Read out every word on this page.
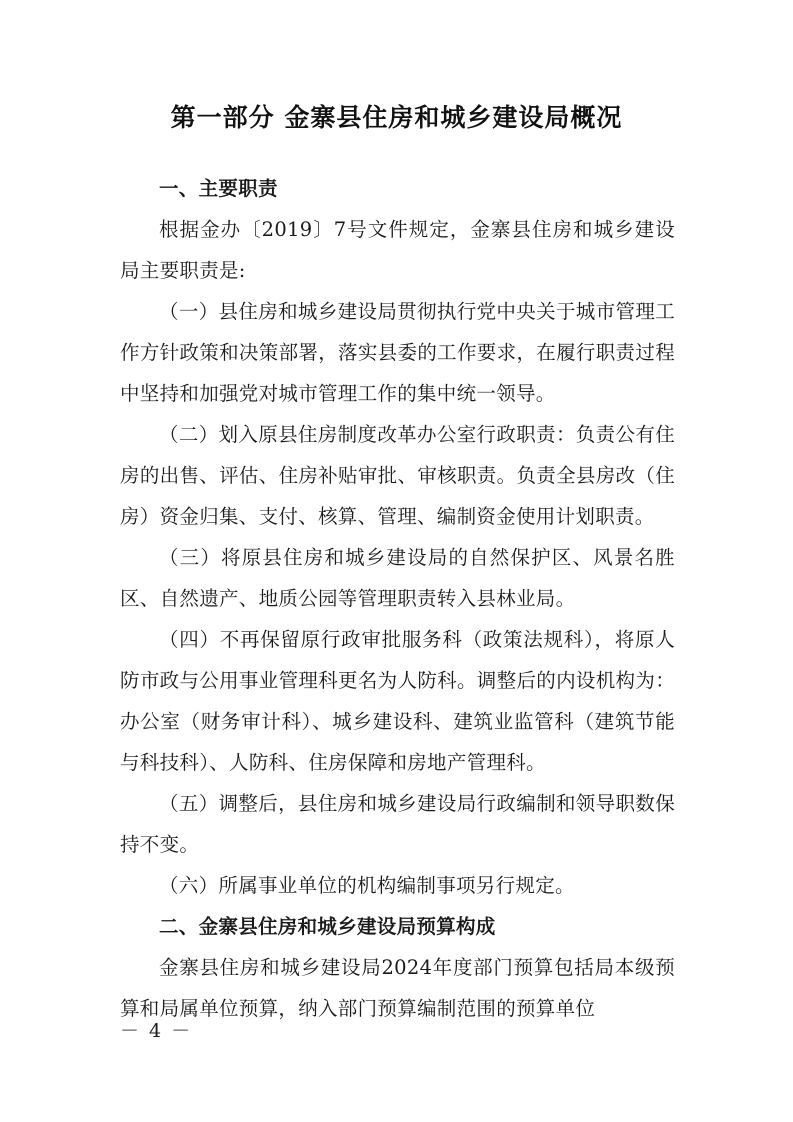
第一部分 金寨县住房和城乡建设局概况
一、主要职责

根据金办〔2019〕7号文件规定，金寨县住房和城乡建设局主要职责是:

（一）县住房和城乡建设局贯彻执行党中央关于城市管理工作方针政策和决策部署，落实县委的工作要求，在履行职责过程中坚持和加强党对城市管理工作的集中统一领导。

（二）划入原县住房制度改革办公室行政职责：负责公有住房的出售、评估、住房补贴审批、审核职责。负责全县房改（住房）资金归集、支付、核算、管理、编制资金使用计划职责。

（三）将原县住房和城乡建设局的自然保护区、风景名胜区、自然遗产、地质公园等管理职责转入县林业局。

（四）不再保留原行政审批服务科（政策法规科），将原人防市政与公用事业管理科更名为人防科。调整后的内设机构为：办公室（财务审计科）、城乡建设科、建筑业监管科（建筑节能与科技科）、人防科、住房保障和房地产管理科。

（五）调整后，县住房和城乡建设局行政编制和领导职数保持不变。

（六）所属事业单位的机构编制事项另行规定。

二、金寨县住房和城乡建设局预算构成

金寨县住房和城乡建设局2024年度部门预算包括局本级预算和局属单位预算，纳入部门预算编制范围的预算单位

－ 4 －
